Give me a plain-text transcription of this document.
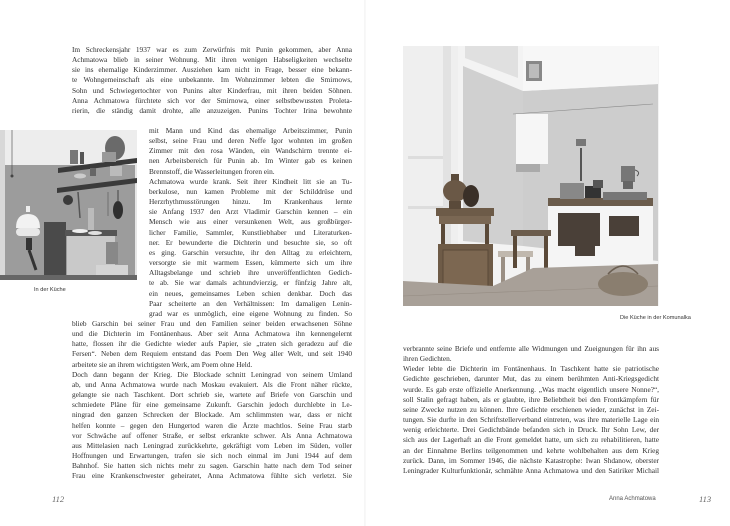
Im Schreckensjahr 1937 war es zum Zerwürfnis mit Punin gekommen, aber Anna
Achmatowa blieb in seiner Wohnung. Mit ihren wenigen Habseligkeiten wechselte
sie ins ehemalige Kinderzimmer. Ausziehen kam nicht in Frage, besser eine bekann-
te Wohngemeinschaft als eine unbekannte. Im Wohnzimmer lebten die Smirnows,
Sohn und Schwiegertochter von Punins alter Kinderfrau, mit ihren beiden Söhnen.
Anna Achmatowa fürchtete sich vor der Smirnowa, einer selbstbewussten Proleta-
rierin, die ständig damit drohte, alle anzuzeigen. Punins Tochter Irina bewohnte
In der Küche
mit Mann und Kind das ehemalige Arbeitszimmer, Punin
selbst, seine Frau und deren Neffe Igor wohnten im großen
Zimmer mit den rosa Wänden, ein Wandschirm trennte ei-
nen Arbeitsbereich für Punin ab. Im Winter gab es keinen
Brennstoff, die Wasserleitungen froren ein.
Achmatowa wurde krank. Seit ihrer Kindheit litt sie an Tu-
berkulose, nun kamen Probleme mit der Schilddrüse und
Herzrhythmusstörungen hinzu. Im Krankenhaus lernte
sie Anfang 1937 den Arzt Vladimir Garschin kennen – ein
Mensch wie aus einer versunkenen Welt, aus großbürger-
licher Familie, Sammler, Kunstliebhaber und Literaturken-
ner. Er bewunderte die Dichterin und besuchte sie, so oft
es ging. Garschin versuchte, ihr den Alltag zu erleichtern,
versorgte sie mit warmem Essen, kümmerte sich um ihre
Alltagsbelange und schrieb ihre unveröffentlichten Gedich-
te ab. Sie war damals achtundvierzig, er fünfzig Jahre alt,
ein neues, gemeinsames Leben schien denkbar. Doch das
Paar scheiterte an den Verhältnissen: Im damaligen Lenin-
grad war es unmöglich, eine eigene Wohnung zu finden. So
blieb Garschin bei seiner Frau und den Familien seiner beiden erwachsenen Söhne
und die Dichterin im Fontänenhaus. Aber seit Anna Achmatowa ihn kennengelernt
hatte, flossen ihr die Gedichte wieder aufs Papier, sie „traten sich geradezu auf die
Fersen“. Neben dem Requiem entstand das Poem Den Weg aller Welt, und seit 1940
arbeitete sie an ihrem wichtigsten Werk, am Poem ohne Held.
Doch dann begann der Krieg. Die Blockade schnitt Leningrad von seinem Umland
ab, und Anna Achmatowa wurde nach Moskau evakuiert. Als die Front näher rückte,
gelangte sie nach Taschkent. Dort schrieb sie, wartete auf Briefe von Garschin und
schmiedete Pläne für eine gemeinsame Zukunft. Garschin jedoch durchlebte in Le-
ningrad den ganzen Schrecken der Blockade. Am schlimmsten war, dass er nicht
helfen konnte – gegen den Hungertod waren die Ärzte machtlos. Seine Frau starb
vor Schwäche auf offener Straße, er selbst erkrankte schwer. Als Anna Achmatowa
aus Mittelasien nach Leningrad zurückkehrte, gekräftigt vom Leben im Süden, voller
Hoffnungen und Erwartungen, trafen sie sich noch einmal im Juni 1944 auf dem
Bahnhof. Sie hatten sich nichts mehr zu sagen. Garschin hatte nach dem Tod seiner
Frau eine Krankenschwester geheiratet, Anna Achmatowa fühlte sich verletzt. Sie
112
Die Küche in der Komunalka
verbrannte seine Briefe und entfernte alle Widmungen und Zueignungen für ihn aus
ihren Gedichten.
Wieder lebte die Dichterin im Fontänenhaus. In Taschkent hatte sie patriotische
Gedichte geschrieben, darunter Mut, das zu einem berühmten Anti-Kriegsgedicht
wurde. Es gab erste offizielle Anerkennung. „Was macht eigentlich unsere Nonne?“,
soll Stalin gefragt haben, als er glaubte, ihre Beliebtheit bei den Frontkämpfern für
seine Zwecke nutzen zu können. Ihre Gedichte erschienen wieder, zunächst in Zei-
tungen. Sie durfte in den Schriftstellerverband eintreten, was ihre materielle Lage ein
wenig erleichterte. Drei Gedichtbände befanden sich in Druck. Ihr Sohn Lew, der
sich aus der Lagerhaft an die Front gemeldet hatte, um sich zu rehabilitieren, hatte
an der Einnahme Berlins teilgenommen und kehrte wohlbehalten aus dem Krieg
zurück. Dann, im Sommer 1946, die nächste Katastrophe: Iwan Shdanow, oberster
Leningrader Kulturfunktionär, schmähte Anna Achmatowa und den Satiriker Michail
Anna Achmatowa	113
